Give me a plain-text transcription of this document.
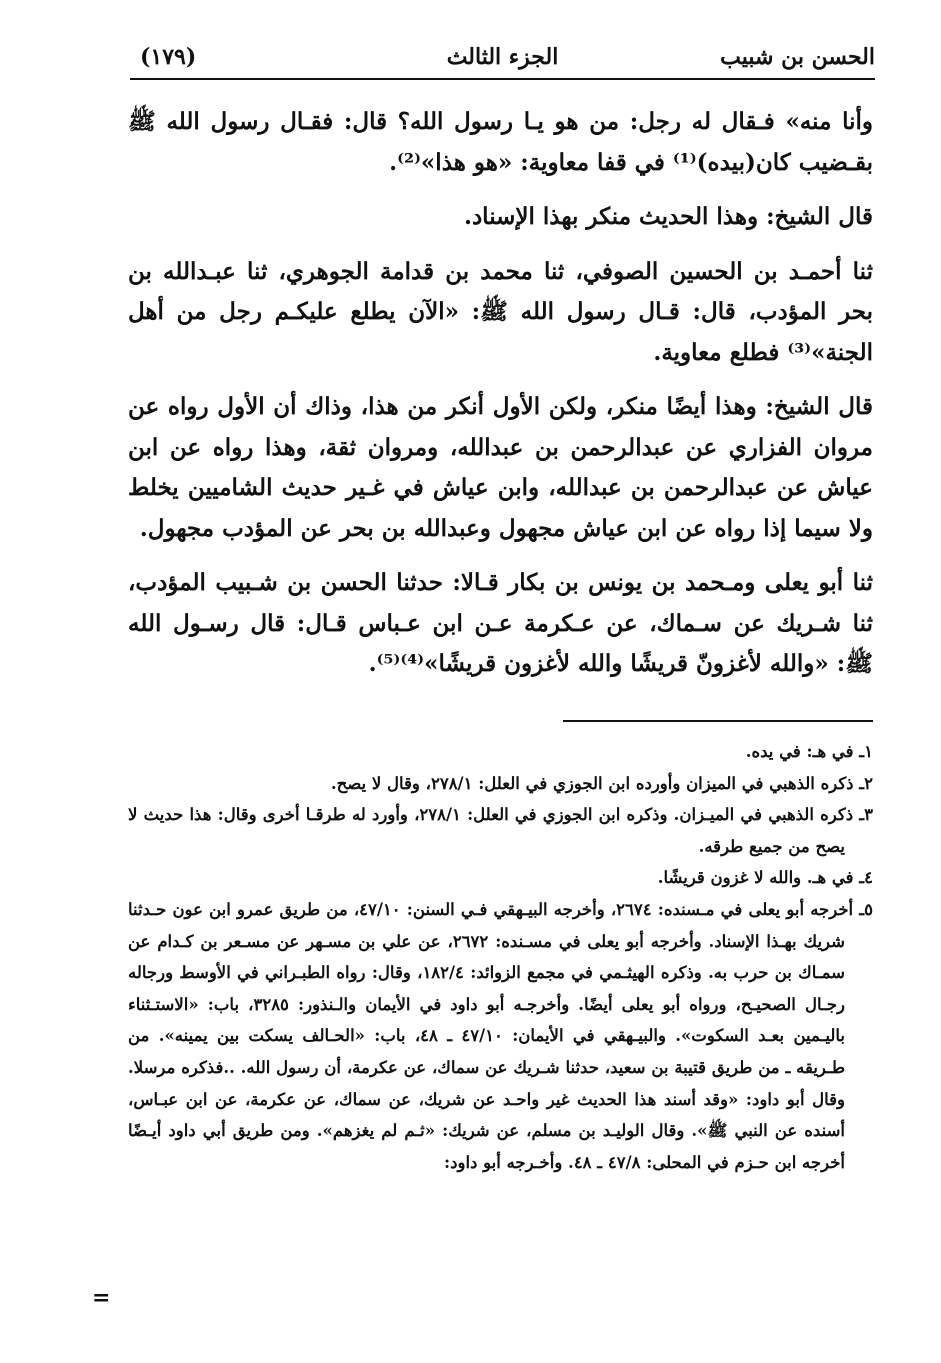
(١٧٩)	الجزء الثالث	الحسن بن شبيب

وأنا منه» فـقال له رجل: من هو يـا رسول الله؟ قال: فقـال رسول الله ﷺ بقـضيب كان(بيده)⁽¹⁾ في قفا معاوية: «هو هذا»⁽²⁾.

قال الشيخ: وهذا الحديث منكر بهذا الإسناد.

ثنا أحمـد بن الحسين الصوفي، ثنا محمد بن قدامة الجوهري، ثنا عبـدالله بن بحر المؤدب، قال: قـال رسول الله ﷺ: «الآن يطلع عليكـم رجل من أهل الجنة»⁽³⁾ فطلع معاوية.

قال الشيخ: وهذا أيضًا منكر، ولكن الأول أنكر من هذا، وذاك أن الأول رواه عن مروان الفزاري عن عبدالرحمن بن عبدالله، ومروان ثقة، وهذا رواه عن ابن عياش عن عبدالرحمن بن عبدالله، وابن عياش في غـير حديث الشاميين يخلط ولا سيما إذا رواه عن ابن عياش مجهول وعبدالله بن بحر عن المؤدب مجهول.

ثنا أبو يعلى ومـحمد بن يونس بن بكار قـالا: حدثنا الحسن بن شـبيب المؤدب، ثنا شـريك عن سـماك، عن عـكرمة عـن ابن عـباس قـال: قال رسـول الله ﷺ: «والله لأغزونّ قريشًا والله لأغزون قريشًا»⁽⁴⁾⁽⁵⁾.

١ـ في هـ: في يده.

٢ـ ذكره الذهبي في الميزان وأورده ابن الجوزي في العلل: ٢٧٨/١، وقال لا يصح.

٣ـ ذكره الذهبي في الميـزان. وذكره ابن الجوزي في العلل: ٢٧٨/١، وأورد له طرقـا أخرى وقال: هذا حديث لا يصح من جميع طرقه.

٤ـ في هـ. والله لا غزون قريشًا.

٥ـ أخرجه أبو يعلى في مـسنده: ٢٦٧٤، وأخرجه البيـهقي فـي السنن: ٤٧/١٠، من طريق عمرو ابن عون حـدثنا شريك بهـذا الإسناد. وأخرجه أبو يعلى في مسـنده: ٢٦٧٢، عن علي بن مسـهر عن مسـعر بن كـدام عن سمـاك بن حرب به. وذكره الهيثـمي في مجمع الزوائد: ١٨٢/٤، وقال: رواه الطبـراني في الأوسط ورجاله رجـال الصحيـح، ورواه أبو يعلى أيضًا. وأخرجـه أبو داود في الأيمان والـنذور: ٣٢٨٥، باب: «الاستـثناء باليـمين بعـد السكوت». والبيـهقي في الأيمان: ٤٧/١٠ ـ ٤٨، باب: «الحـالف يسكت بين يمينه». من طـريقه ـ من طريق قتيبة بن سعيد، حدثنا شـريك عن سماك، عن عكرمة، أن رسول الله. ..فذكره مرسلا. وقال أبو داود: «وقد أسند هذا الحديث غير واحـد عن شريك، عن سماك، عن عكرمة، عن ابن عبـاس، أسنده عن النبي ﷺ». وقال الوليـد بن مسلم، عن شريك: «ثـم لم يغزهم». ومن طريق أبي داود أيـضًا أخرجه ابن حـزم في المحلى: ٤٧/٨ ـ ٤٨. وأخـرجه أبو داود:

=
